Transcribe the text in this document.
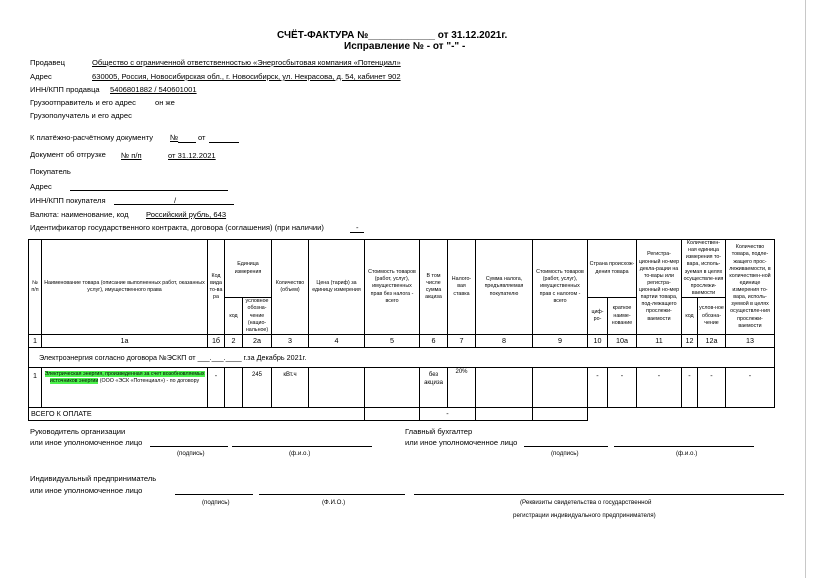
СЧЁТ-ФАКТУРА №____________ от 31.12.2021г.
Исправление № - от "-" -
Продавец	Общество с ограниченной ответственностью «Энергосбытовая компания «Потенциал»
Адрес	630005, Россия, Новосибирская обл., г. Новосибирск, ул. Некрасова, д. 54, кабинет 902
ИНН/КПП продавца 5406801882 / 540601001
Грузоотправитель и его адрес	он же
Грузополучатель и его адрес
К платёжно-расчётному документу №	от
Документ об отгрузке № п/п	от 31.12.2021
Покупатель
Адрес
ИНН/КПП покупателя	/
Валюта: наименование, код Российский рубль, 643
Идентификатор государственного контракта, договора (соглашения) (при наличии)	-
№ п/п	Наименование товара (описание выполненных работ, оказанных услуг), имущественного права	Код вида то-ва ра	Единица измерения		Количество (объем)	Цена (тариф) за единицу измерения	Стоимость товаров (работ, услуг), имущественных прав без налога - всего	В том числе сумма акциза	Налого-вая ставка	Сумма налога, предъявляемая покупателю	Стоимость товаров (работ, услуг), имущественных прав с налогом - всего	Страна происхож-дения товара		Регистра-ционный но-мер декла-рации на то-вары или регистра-ционный но-мер партии товара, под-лежащего прослежи-ваемости	Количествен-ная единица измерения то-вара, исполь-зуемая в целях осуществле-ния прослежи-ваемости		Количество товара, подле-жащего прос-леживаемости, в количествен-ной единице измерения то-вара, исполь-зуемой в целях осуществле-ния прослежи-ваемости
			код	условное обозна-чение (нацио-нальное)								циф-ро-	краткое наиме-нование		код	услов-ное обозна-чение	
1	1а	1б	2	2а	3	4	5	6	7	8	9	10	10а	11	12	12а	13
Электроэнергия согласно договора №ЭСКП от ___.___.____ г.за Декабрь 2021г.																	
1	Электрическая энергия, произведенная за счет возобновляемых источников энергии (ООО «ЭСК «Потенциал») - по договору	-		245	кВт.ч			без акциза	20%			-	-	-	-	-	-
ВСЕГО К ОПЛАТЕ								-									
Руководитель организации
или иное уполномоченное лицо
(подпись)	(ф.и.о.)
Главный бухгалтер
или иное уполномоченное лицо
(подпись)	(ф.и.о.)
Индивидуальный предприниматель
или иное уполномоченное лицо
(подпись)	(Ф.И.О.)	(Реквизиты свидетельства о государственной
регистрации индивидуального предпринимателя)
